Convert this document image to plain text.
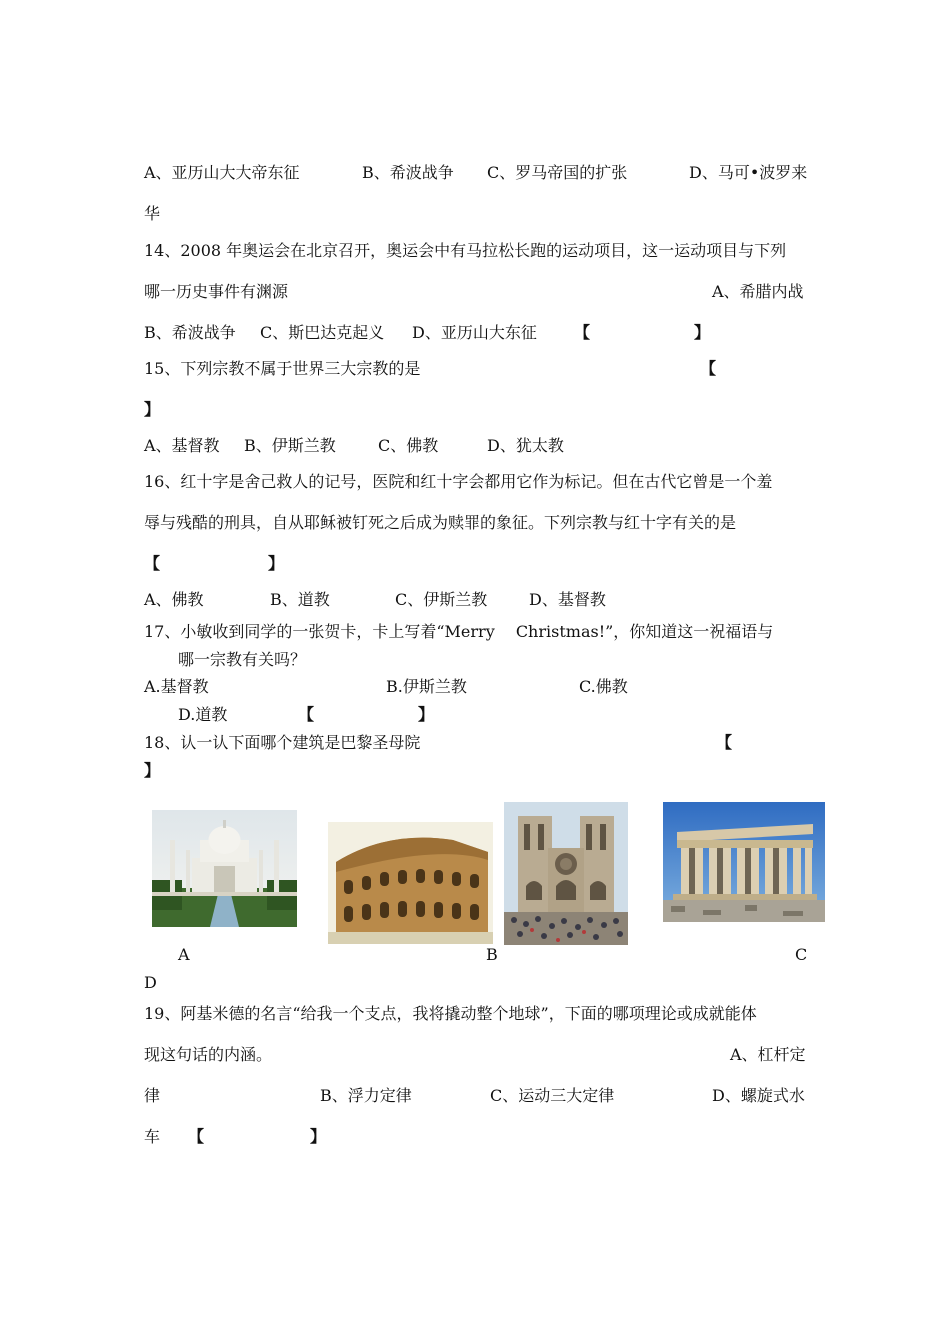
A、亚历山大大帝东征	B、希波战争 C、罗马帝国的扩张	D、马可•波罗来
华
14、2008 年奥运会在北京召开，奥运会中有马拉松长跑的运动项目，这一运动项目与下列
哪一历史事件有渊源	A、希腊内战
B、希波战争 C、斯巴达克起义 D、亚历山大东征 【	】
15、下列宗教不属于世界三大宗教的是	【
】
A、基督教 B、伊斯兰教	C、佛教	D、犹太教
16、红十字是舍己救人的记号，医院和红十字会都用它作为标记。但在古代它曾是一个羞
辱与残酷的刑具，自从耶稣被钉死之后成为赎罪的象征。下列宗教与红十字有关的是
【	】
A、佛教	B、道教	C、伊斯兰教	D、基督教
17、小敏收到同学的一张贺卡，卡上写着“Merry　 Christmas!”，你知道这一祝福语与
哪一宗教有关吗？
A.基督教	B.伊斯兰教	C.佛教
D.道教	【	】
18、认一认下面哪个建筑是巴黎圣母院	【
】
A	B	C
D
19、阿基米德的名言“给我一个支点，我将撬动整个地球”，下面的哪项理论或成就能体
现这句话的内涵。	A、杠杆定
律	B、浮力定律	C、运动三大定律	D、螺旋式水
车 【	】
